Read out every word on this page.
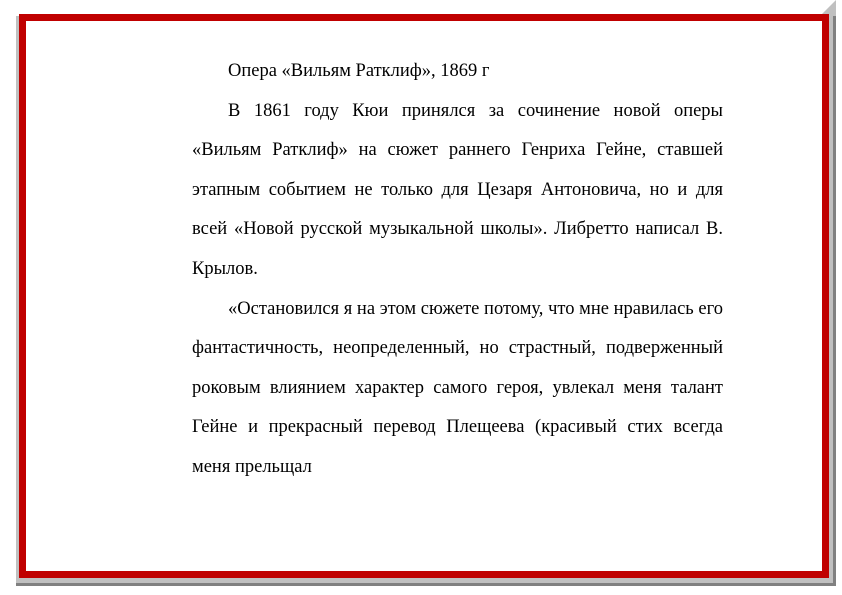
Опера «Вильям Ратклиф», 1869 г

В 1861 году Кюи принялся за сочинение новой оперы «Вильям Ратклиф» на сюжет раннего Генриха Гейне, ставшей этапным событием не только для Цезаря Антоновича, но и для всей «Новой русской музыкальной школы». Либретто написал В. Крылов.

«Остановился я на этом сюжете потому, что мне нравилась его фантастичность, неопределенный, но страстный, подверженный роковым влиянием характер самого героя, увлекал меня талант Гейне и прекрасный перевод Плещеева (красивый стих всегда меня прельщал
